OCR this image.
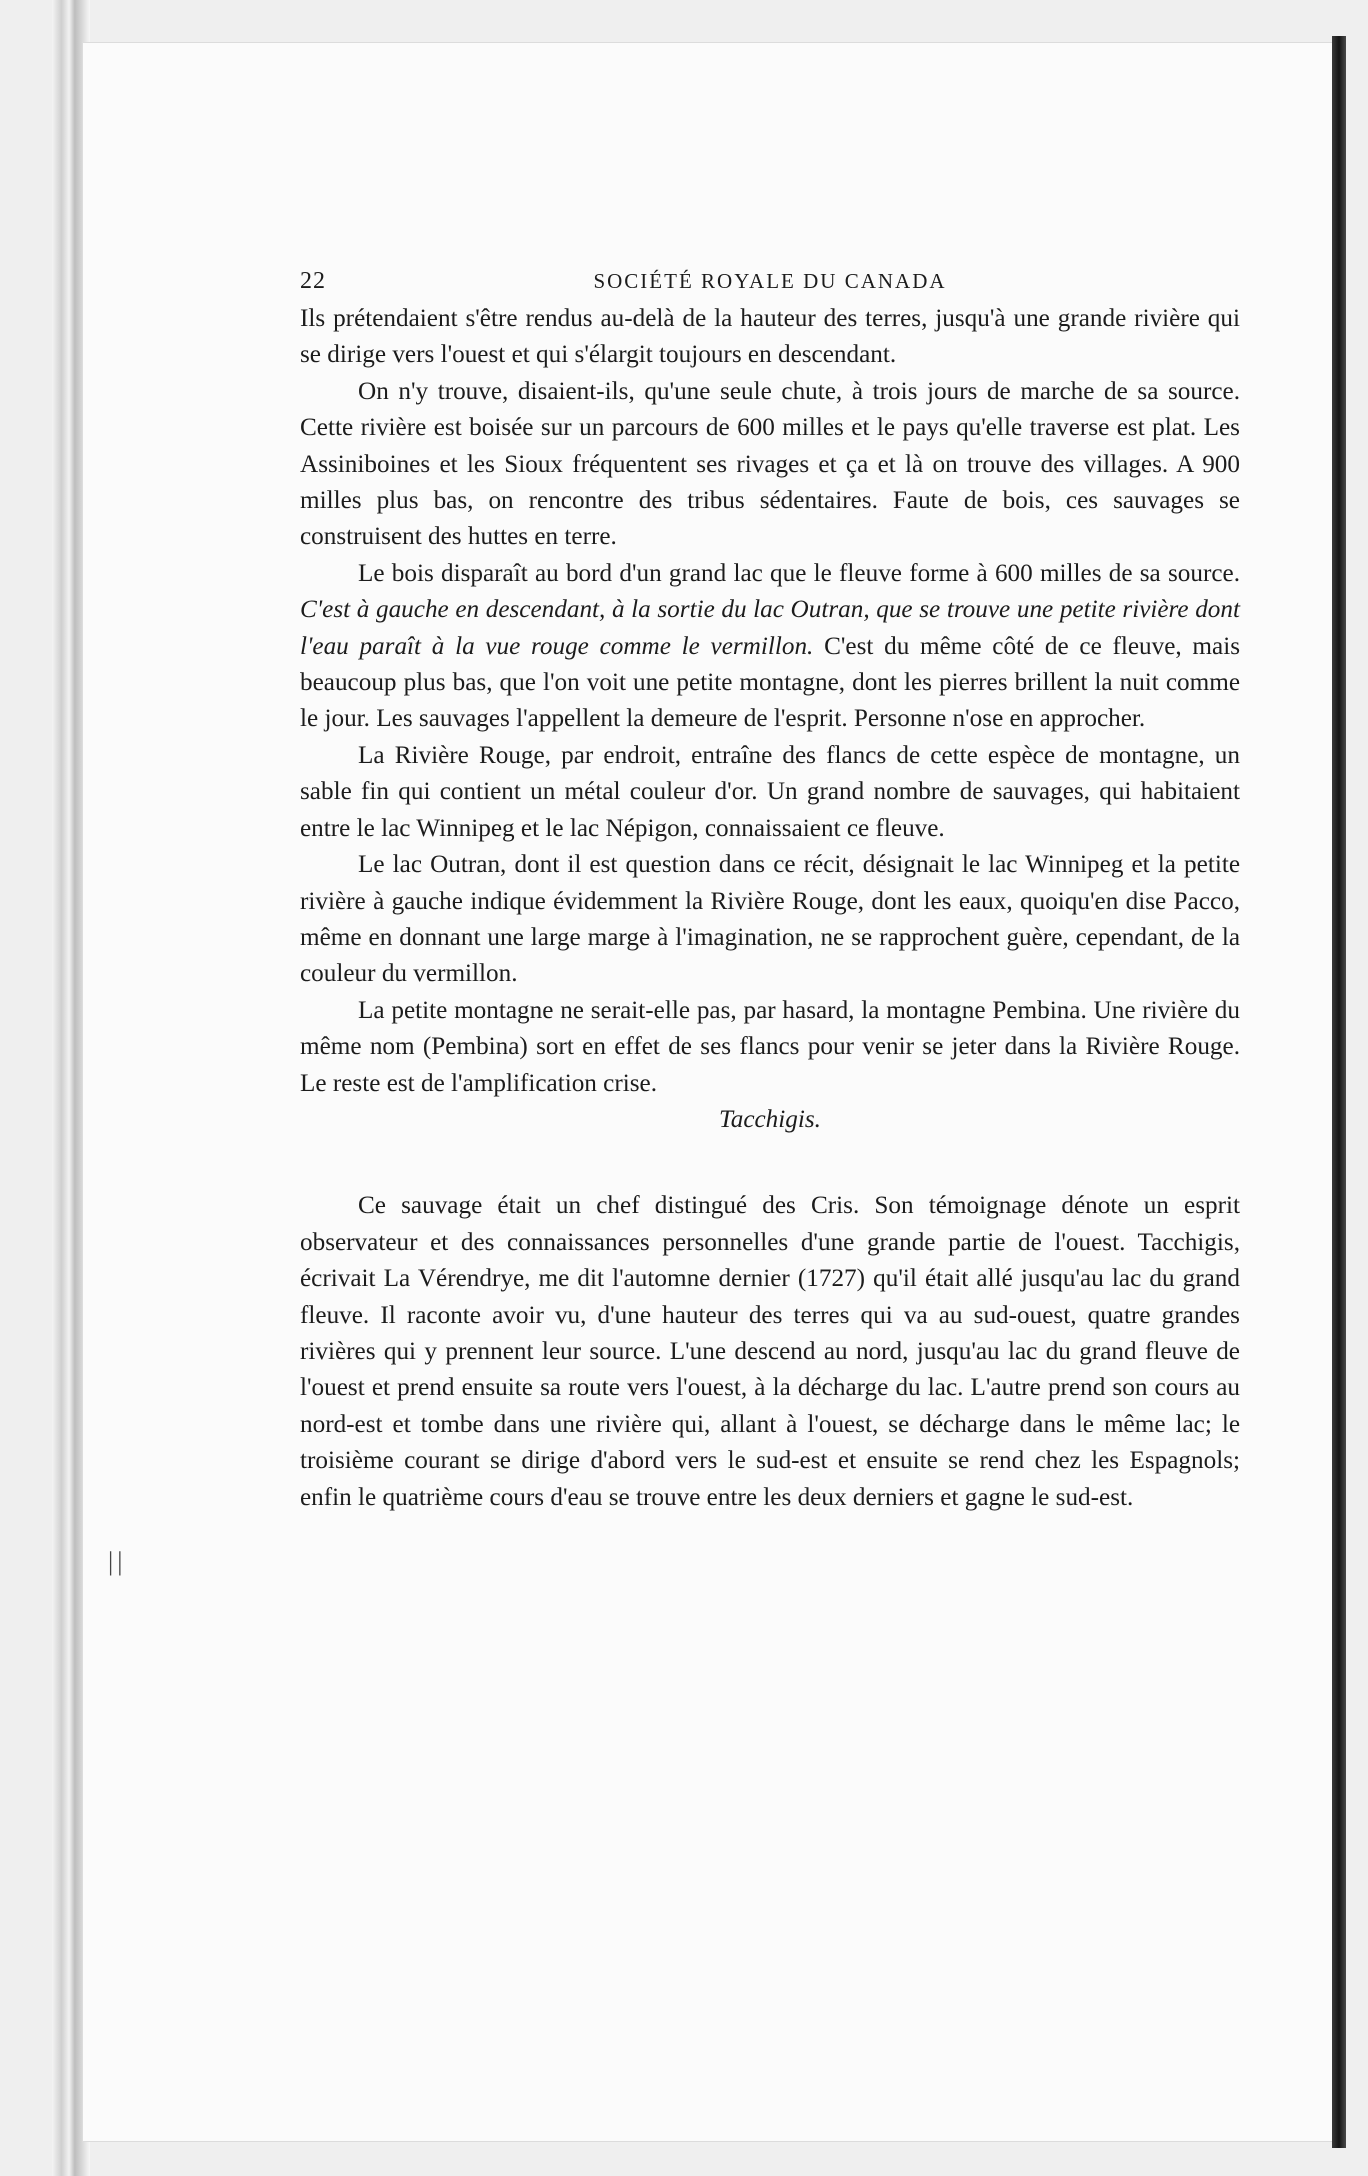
||
22	SOCIÉTÉ ROYALE DU CANADA

Ils prétendaient s'être rendus au-delà de la hauteur des terres, jusqu'à une grande rivière qui se dirige vers l'ouest et qui s'élargit toujours en descendant.

On n'y trouve, disaient-ils, qu'une seule chute, à trois jours de marche de sa source. Cette rivière est boisée sur un parcours de 600 milles et le pays qu'elle traverse est plat. Les Assiniboines et les Sioux fréquentent ses rivages et ça et là on trouve des villages. A 900 milles plus bas, on rencontre des tribus sédentaires. Faute de bois, ces sauvages se construisent des huttes en terre.

Le bois disparaît au bord d'un grand lac que le fleuve forme à 600 milles de sa source. C'est à gauche en descendant, à la sortie du lac Outran, que se trouve une petite rivière dont l'eau paraît à la vue rouge comme le vermillon. C'est du même côté de ce fleuve, mais beaucoup plus bas, que l'on voit une petite montagne, dont les pierres brillent la nuit comme le jour. Les sauvages l'appellent la demeure de l'esprit. Personne n'ose en approcher.

La Rivière Rouge, par endroit, entraîne des flancs de cette espèce de montagne, un sable fin qui contient un métal couleur d'or. Un grand nombre de sauvages, qui habitaient entre le lac Winnipeg et le lac Népigon, connaissaient ce fleuve.

Le lac Outran, dont il est question dans ce récit, désignait le lac Winnipeg et la petite rivière à gauche indique évidemment la Rivière Rouge, dont les eaux, quoiqu'en dise Pacco, même en donnant une large marge à l'imagination, ne se rapprochent guère, cependant, de la couleur du vermillon.

La petite montagne ne serait-elle pas, par hasard, la montagne Pembina. Une rivière du même nom (Pembina) sort en effet de ses flancs pour venir se jeter dans la Rivière Rouge. Le reste est de l'amplification crise.

Tacchigis.

Ce sauvage était un chef distingué des Cris. Son témoignage dénote un esprit observateur et des connaissances personnelles d'une grande partie de l'ouest. Tacchigis, écrivait La Vérendrye, me dit l'automne dernier (1727) qu'il était allé jusqu'au lac du grand fleuve. Il raconte avoir vu, d'une hauteur des terres qui va au sud-ouest, quatre grandes rivières qui y prennent leur source. L'une descend au nord, jusqu'au lac du grand fleuve de l'ouest et prend ensuite sa route vers l'ouest, à la décharge du lac. L'autre prend son cours au nord-est et tombe dans une rivière qui, allant à l'ouest, se décharge dans le même lac; le troisième courant se dirige d'abord vers le sud-est et ensuite se rend chez les Espagnols; enfin le quatrième cours d'eau se trouve entre les deux derniers et gagne le sud-est.
